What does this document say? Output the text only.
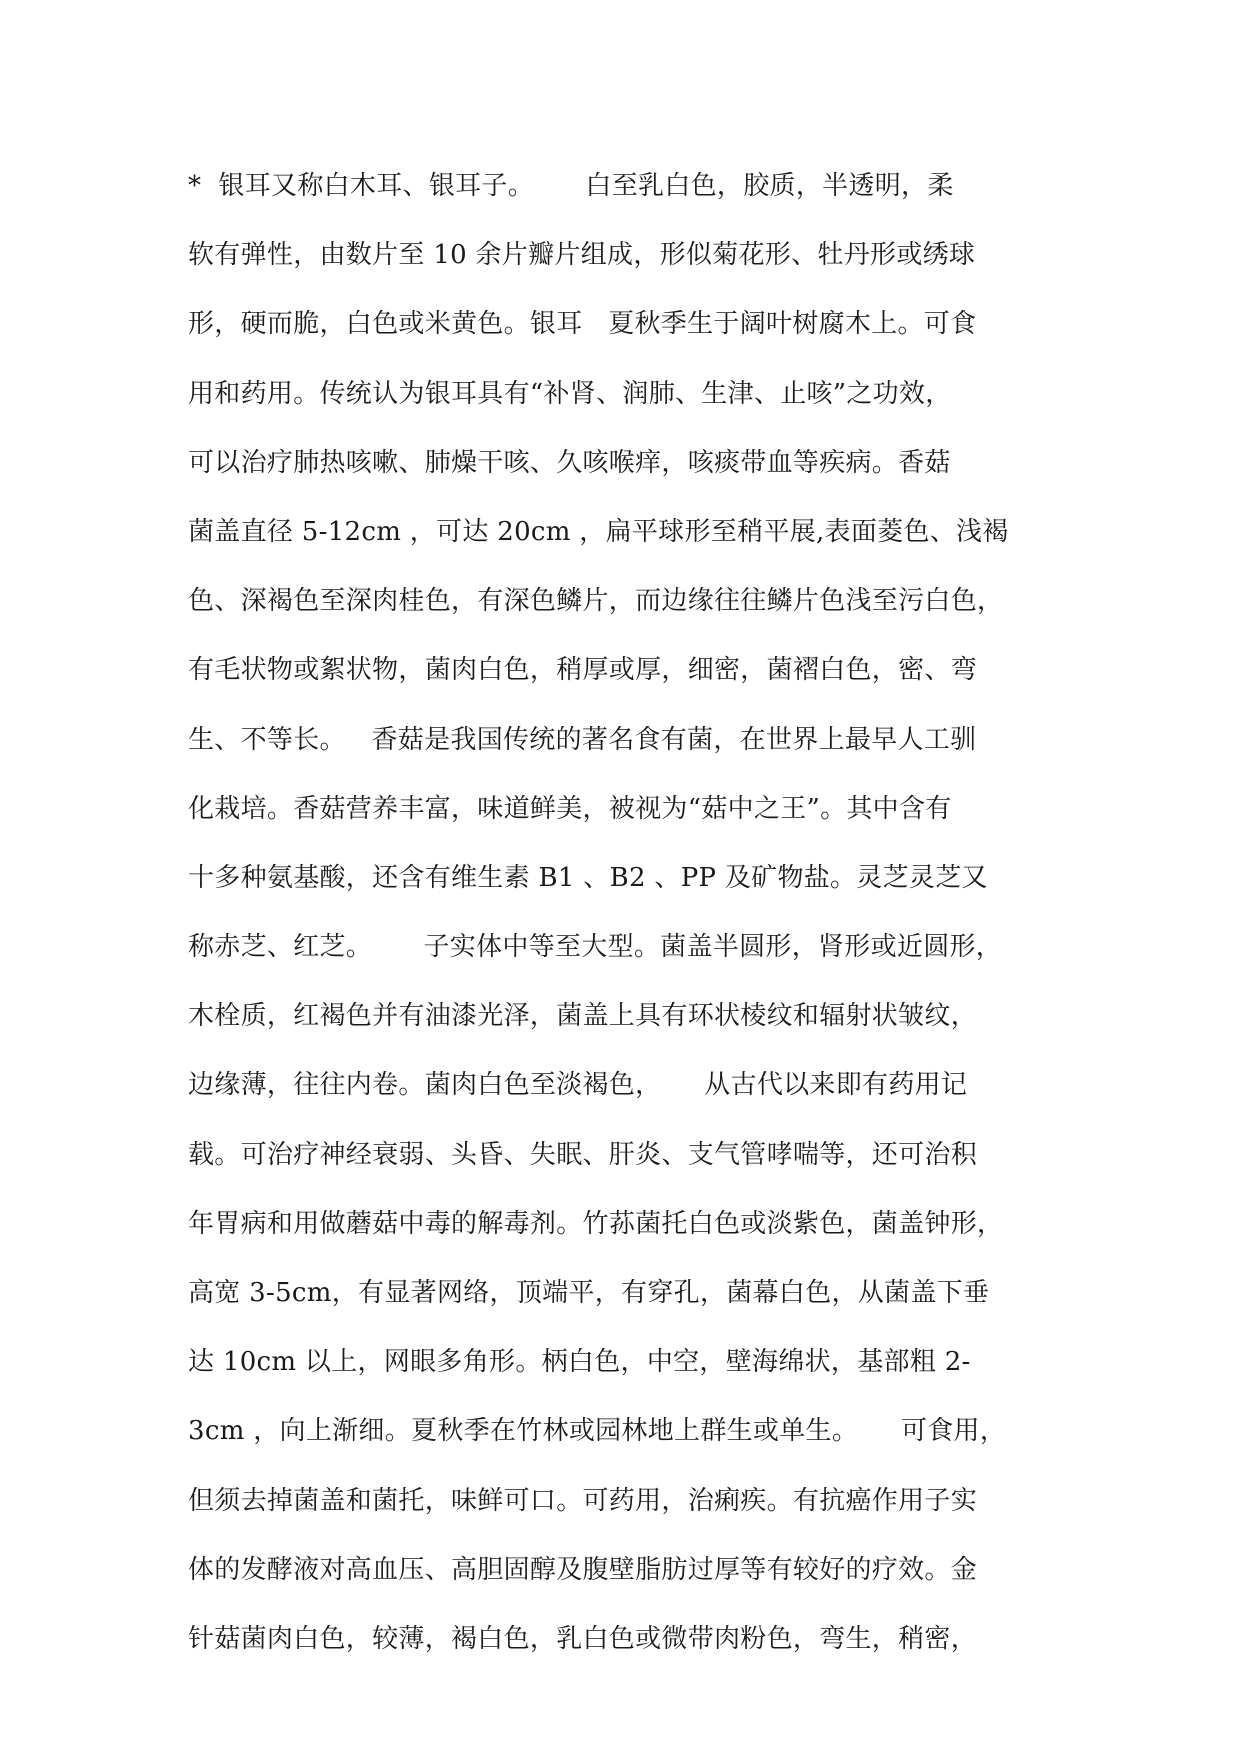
*  银耳又称白木耳、银耳子。      白至乳白色，胶质，半透明，柔
软有弹性，由数片至 10 余片瓣片组成，形似菊花形、牡丹形或绣球
形，硬而脆，白色或米黄色。银耳   夏秋季生于阔叶树腐木上。可食
用和药用。传统认为银耳具有“补肾、润肺、生津、止咳”之功效，
可以治疗肺热咳嗽、肺燥干咳、久咳喉痒，咳痰带血等疾病。香菇
菌盖直径 5-12cm ，可达 20cm ，扁平球形至稍平展,表面菱色、浅褐
色、深褐色至深肉桂色，有深色鳞片，而边缘往往鳞片色浅至污白色，
有毛状物或絮状物，菌肉白色，稍厚或厚，细密，菌褶白色，密、弯
生、不等长。   香菇是我国传统的著名食有菌，在世界上最早人工驯
化栽培。香菇营养丰富，味道鲜美，被视为“菇中之王”。其中含有
十多种氨基酸，还含有维生素 B1 、B2 、PP 及矿物盐。灵芝灵芝又
称赤芝、红芝。      子实体中等至大型。菌盖半圆形，肾形或近圆形，
木栓质，红褐色并有油漆光泽，菌盖上具有环状棱纹和辐射状皱纹，
边缘薄，往往内卷。菌肉白色至淡褐色，     从古代以来即有药用记
载。可治疗神经衰弱、头昏、失眠、肝炎、支气管哮喘等，还可治积
年胃病和用做蘑菇中毒的解毒剂。竹荪菌托白色或淡紫色，菌盖钟形，
高宽 3-5cm，有显著网络，顶端平，有穿孔，菌幕白色，从菌盖下垂
达 10cm 以上，网眼多角形。柄白色，中空，壁海绵状，基部粗 2-
3cm ，向上渐细。夏秋季在竹林或园林地上群生或单生。     可食用，
但须去掉菌盖和菌托，味鲜可口。可药用，治痢疾。有抗癌作用子实
体的发酵液对高血压、高胆固醇及腹壁脂肪过厚等有较好的疗效。金
针菇菌肉白色，较薄，褐白色，乳白色或微带肉粉色，弯生，稍密，
